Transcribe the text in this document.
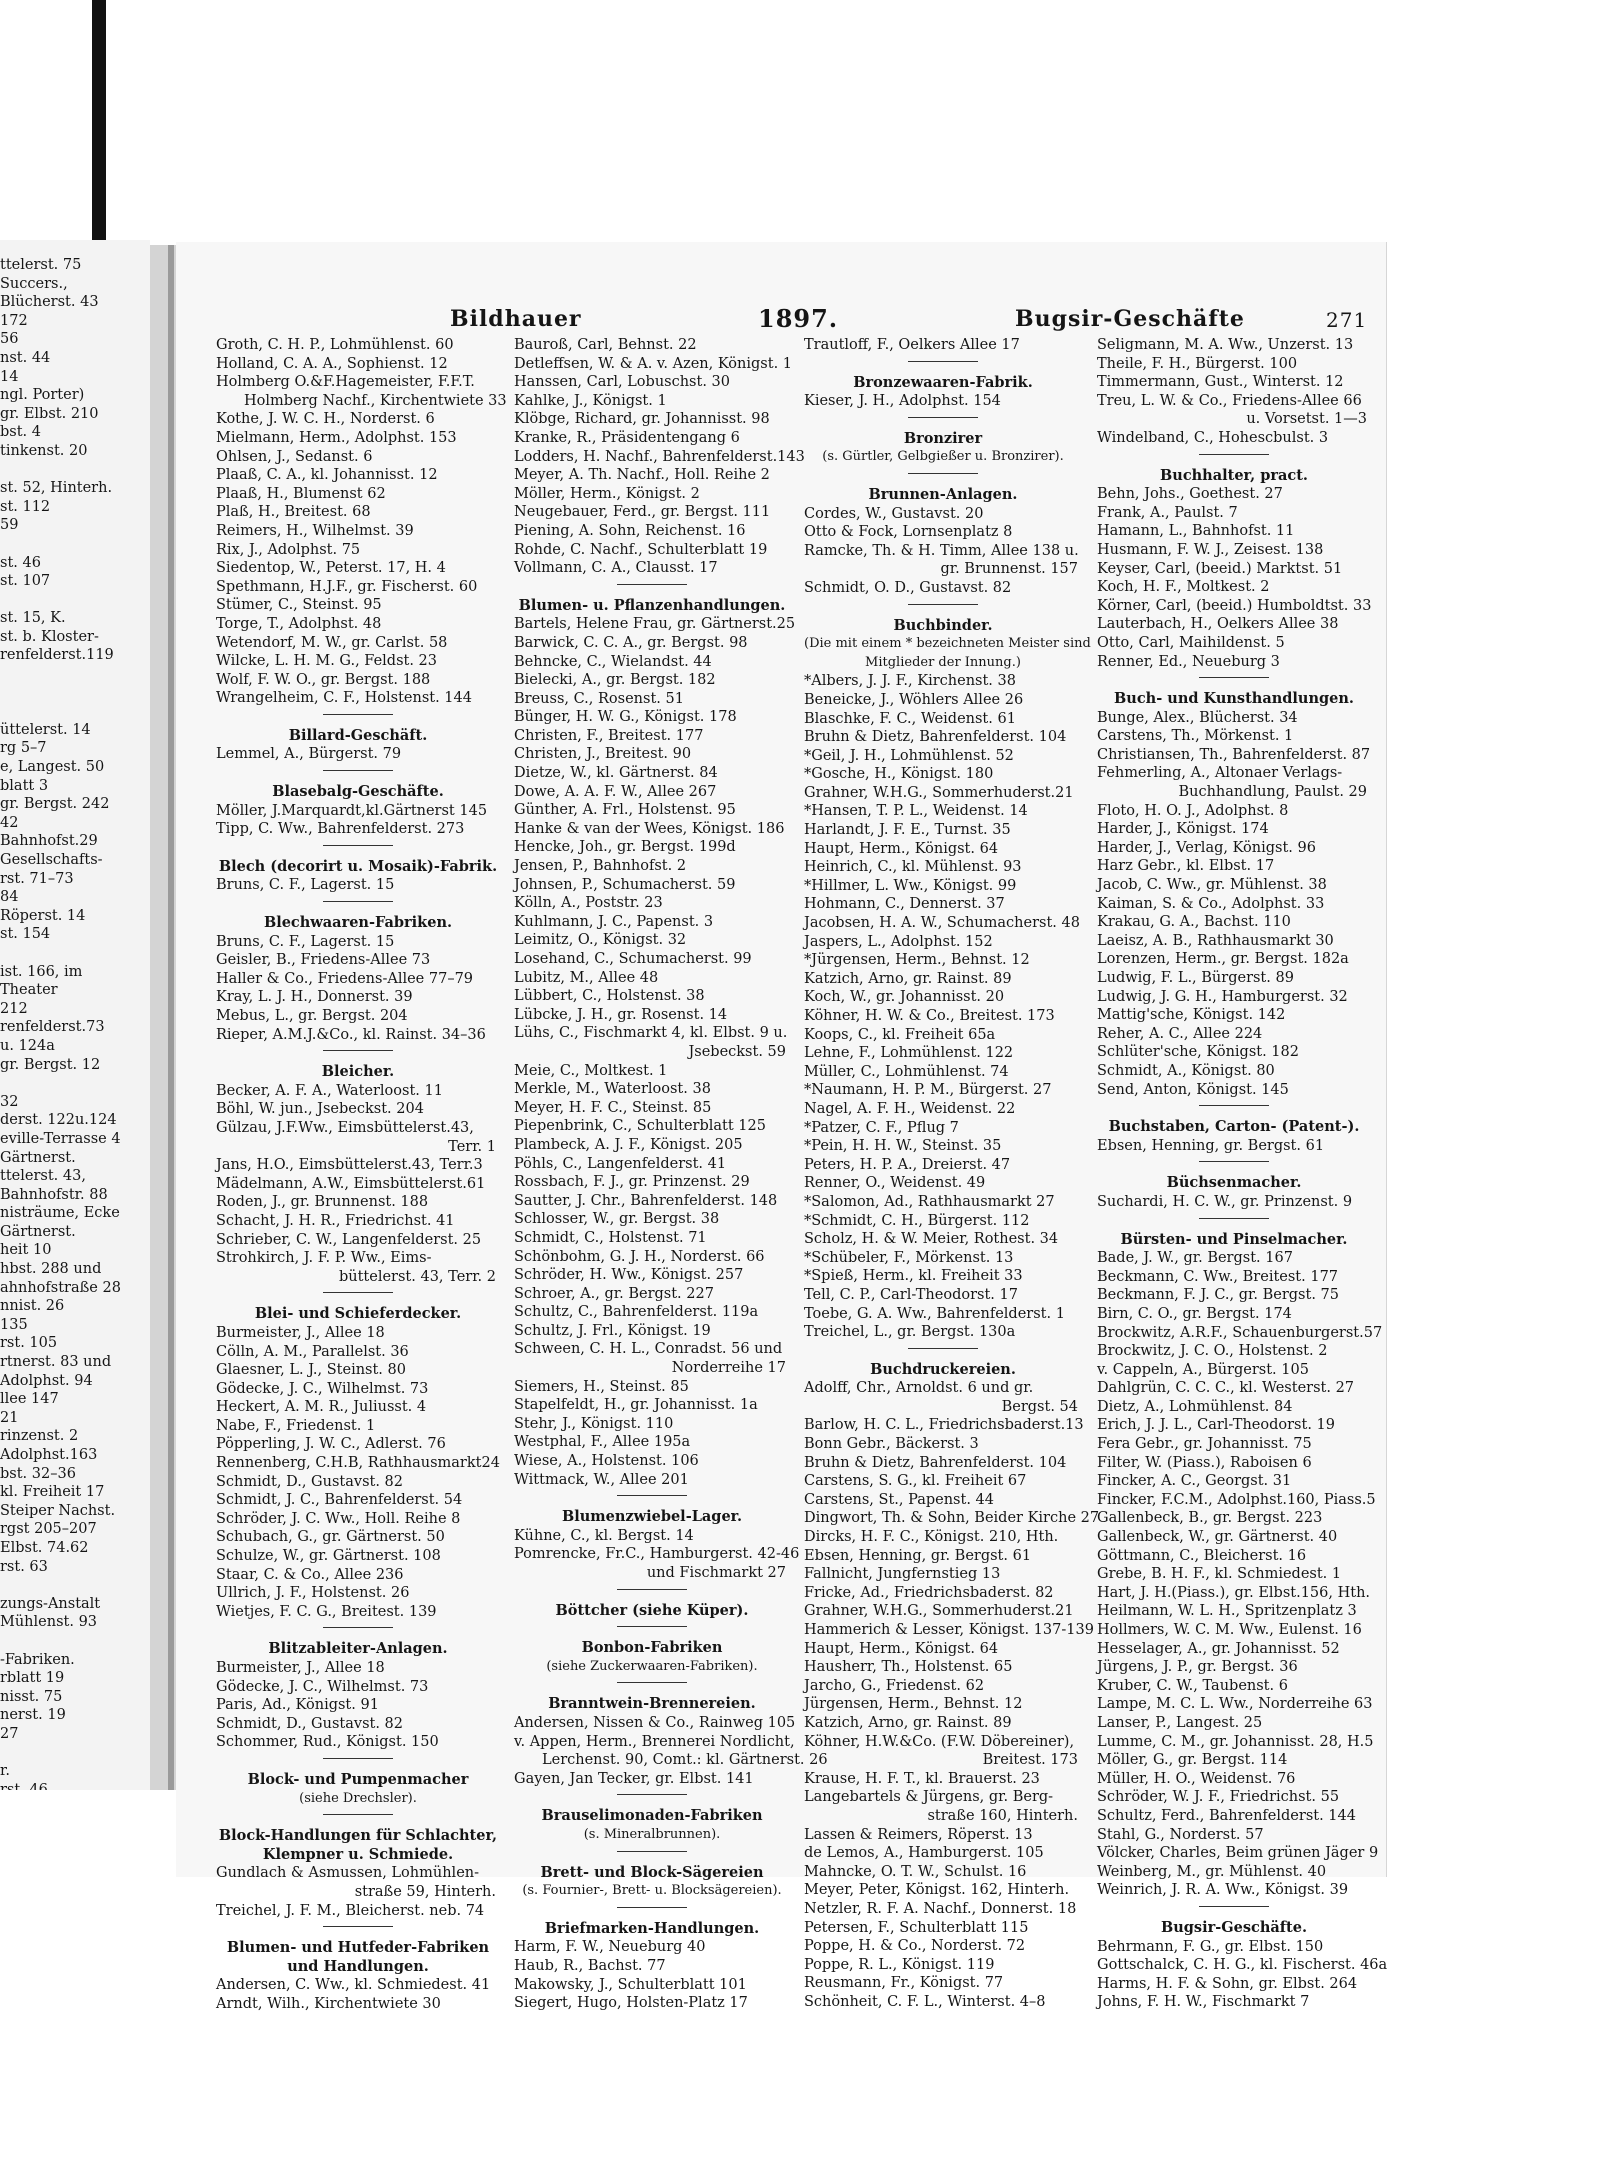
ttelerst. 75
Succers.,
Blücherst. 43
172
56
nst. 44
14
ngl. Porter)
gr. Elbst. 210
bst. 4
tinkenst. 20
st. 52, Hinterh.
st. 112
59
st. 46
st. 107
st. 15, K.
st. b. Kloster-
renfelderst.119
üttelerst. 14
rg 5–7
e, Langest. 50
blatt 3
gr. Bergst. 242
42
Bahnhofst.29
Gesellschafts-
rst. 71–73
84
Röperst. 14
st. 154
ist. 166, im
Theater
212
renfelderst.73
u. 124a
gr. Bergst. 12
32
derst. 122u.124
eville-Terrasse 4
Gärtnerst.
ttelerst. 43,
Bahnhofstr. 88
nisträume, Ecke
Gärtnerst.
heit 10
hbst. 288 und
ahnhofstraße 28
nnist. 26
135
rst. 105
rtnerst. 83 und
Adolphst. 94
llee 147
21
rinzenst. 2
Adolphst.163
bst. 32–36
kl. Freiheit 17
Steiper Nachst.
rgst 205–207
Elbst. 74.62
rst. 63
zungs-Anstalt
Mühlenst. 93
-Fabriken.
rblatt 19
nisst. 75
nerst. 19
27
r.
Bildhauer	1897.	Bugsir-Geschäfte	271
Groth, C. H. P., Lohmühlenst. 60
Holland, C. A. A., Sophienst. 12
Holmberg O.&F.Hagemeister, F.F.T.
Holmberg Nachf., Kirchentwiete 33
Kothe, J. W. C. H., Norderst. 6
Mielmann, Herm., Adolphst. 153
Ohlsen, J., Sedanst. 6
Plaaß, C. A., kl. Johannisst. 12
Plaaß, H., Blumenst 62
Plaß, H., Breitest. 68
Reimers, H., Wilhelmst. 39
Rix, J., Adolphst. 75
Siedentop, W., Peterst. 17, H. 4
Spethmann, H.J.F., gr. Fischerst. 60
Stümer, C., Steinst. 95
Torge, T., Adolphst. 48
Wetendorf, M. W., gr. Carlst. 58
Wilcke, L. H. M. G., Feldst. 23
Wolf, F. W. O., gr. Bergst. 188
Wrangelheim, C. F., Holstenst. 144
Billard-Geschäft.
Lemmel, A., Bürgerst. 79
Blasebalg-Geschäfte.
Möller, J.Marquardt,kl.Gärtnerst 145
Tipp, C. Ww., Bahrenfelderst. 273
Blech (decorirt u. Mosaik)-Fabrik.
Bruns, C. F., Lagerst. 15
Blechwaaren-Fabriken.
Bruns, C. F., Lagerst. 15
Geisler, B., Friedens-Allee 73
Haller & Co., Friedens-Allee 77–79
Kray, L. J. H., Donnerst. 39
Mebus, L., gr. Bergst. 204
Rieper, A.M.J.&Co., kl. Rainst. 34–36
Bleicher.
Becker, A. F. A., Waterloost. 11
Böhl, W. jun., Jsebeckst. 204
Gülzau, J.F.Ww., Eimsbüttelerst.43,
Terr. 1
Jans, H.O., Eimsbüttelerst.43, Terr.3
Mädelmann, A.W., Eimsbüttelerst.61
Roden, J., gr. Brunnenst. 188
Schacht, J. H. R., Friedrichst. 41
Schrieber, C. W., Langenfelderst. 25
Strohkirch, J. F. P. Ww., Eims-
büttelerst. 43, Terr. 2
Blei- und Schieferdecker.
Burmeister, J., Allee 18
Cölln, A. M., Parallelst. 36
Glaesner, L. J., Steinst. 80
Gödecke, J. C., Wilhelmst. 73
Heckert, A. M. R., Juliusst. 4
Nabe, F., Friedenst. 1
Pöpperling, J. W. C., Adlerst. 76
Rennenberg, C.H.B, Rathhausmarkt24
Schmidt, D., Gustavst. 82
Schmidt, J. C., Bahrenfelderst. 54
Schröder, J. C. Ww., Holl. Reihe 8
Schubach, G., gr. Gärtnerst. 50
Schulze, W., gr. Gärtnerst. 108
Staar, C. & Co., Allee 236
Ullrich, J. F., Holstenst. 26
Wietjes, F. C. G., Breitest. 139
Blitzableiter-Anlagen.
Burmeister, J., Allee 18
Gödecke, J. C., Wilhelmst. 73
Paris, Ad., Königst. 91
Schmidt, D., Gustavst. 82
Schommer, Rud., Königst. 150
Block- und Pumpenmacher
(siehe Drechsler).
Block-Handlungen für Schlachter,
Klempner u. Schmiede.
Gundlach & Asmussen, Lohmühlen-
straße 59, Hinterh.
Treichel, J. F. M., Bleicherst. neb. 74
Blumen- und Hutfeder-Fabriken
und Handlungen.
Andersen, C. Ww., kl. Schmiedest. 41
Arndt, Wilh., Kirchentwiete 30
Bauroß, Carl, Behnst. 22
Detleffsen, W. & A. v. Azen, Königst. 1
Hanssen, Carl, Lobuschst. 30
Kahlke, J., Königst. 1
Klöbge, Richard, gr. Johannisst. 98
Kranke, R., Präsidentengang 6
Lodders, H. Nachf., Bahrenfelderst.143
Meyer, A. Th. Nachf., Holl. Reihe 2
Möller, Herm., Königst. 2
Neugebauer, Ferd., gr. Bergst. 111
Piening, A. Sohn, Reichenst. 16
Rohde, C. Nachf., Schulterblatt 19
Vollmann, C. A., Clausst. 17
Blumen- u. Pflanzenhandlungen.
Bartels, Helene Frau, gr. Gärtnerst.25
Barwick, C. C. A., gr. Bergst. 98
Behncke, C., Wielandst. 44
Bielecki, A., gr. Bergst. 182
Breuss, C., Rosenst. 51
Bünger, H. W. G., Königst. 178
Christen, F., Breitest. 177
Christen, J., Breitest. 90
Dietze, W., kl. Gärtnerst. 84
Dowe, A. A. F. W., Allee 267
Günther, A. Frl., Holstenst. 95
Hanke & van der Wees, Königst. 186
Hencke, Joh., gr. Bergst. 199d
Jensen, P., Bahnhofst. 2
Johnsen, P., Schumacherst. 59
Kölln, A., Poststr. 23
Kuhlmann, J. C., Papenst. 3
Leimitz, O., Königst. 32
Losehand, C., Schumacherst. 99
Lubitz, M., Allee 48
Lübbert, C., Holstenst. 38
Lübcke, J. H., gr. Rosenst. 14
Lühs, C., Fischmarkt 4, kl. Elbst. 9 u.
Jsebeckst. 59
Meie, C., Moltkest. 1
Merkle, M., Waterloost. 38
Meyer, H. F. C., Steinst. 85
Piepenbrink, C., Schulterblatt 125
Plambeck, A. J. F., Königst. 205
Pöhls, C., Langenfelderst. 41
Rossbach, F. J., gr. Prinzenst. 29
Sautter, J. Chr., Bahrenfelderst. 148
Schlosser, W., gr. Bergst. 38
Schmidt, C., Holstenst. 71
Schönbohm, G. J. H., Norderst. 66
Schröder, H. Ww., Königst. 257
Schroer, A., gr. Bergst. 227
Schultz, C., Bahrenfelderst. 119a
Schultz, J. Frl., Königst. 19
Schween, C. H. L., Conradst. 56 und
Norderreihe 17
Siemers, H., Steinst. 85
Stapelfeldt, H., gr. Johannisst. 1a
Stehr, J., Königst. 110
Westphal, F., Allee 195a
Wiese, A., Holstenst. 106
Wittmack, W., Allee 201
Blumenzwiebel-Lager.
Kühne, C., kl. Bergst. 14
Pomrencke, Fr.C., Hamburgerst. 42-46
und Fischmarkt 27
Böttcher (siehe Küper).
Bonbon-Fabriken
(siehe Zuckerwaaren-Fabriken).
Branntwein-Brennereien.
Andersen, Nissen & Co., Rainweg 105
v. Appen, Herm., Brennerei Nordlicht,
Lerchenst. 90, Comt.: kl. Gärtnerst. 26
Gayen, Jan Tecker, gr. Elbst. 141
Brauselimonaden-Fabriken
(s. Mineralbrunnen).
Brett- und Block-Sägereien
(s. Fournier-, Brett- u. Blocksägereien).
Briefmarken-Handlungen.
Harm, F. W., Neueburg 40
Haub, R., Bachst. 77
Makowsky, J., Schulterblatt 101
Siegert, Hugo, Holsten-Platz 17
Trautloff, F., Oelkers Allee 17
Bronzewaaren-Fabrik.
Kieser, J. H., Adolphst. 154
Bronzirer
(s. Gürtler, Gelbgießer u. Bronzirer).
Brunnen-Anlagen.
Cordes, W., Gustavst. 20
Otto & Fock, Lornsenplatz 8
Ramcke, Th. & H. Timm, Allee 138 u.
gr. Brunnenst. 157
Schmidt, O. D., Gustavst. 82
Buchbinder.
(Die mit einem * bezeichneten Meister sind
Mitglieder der Innung.)
*Albers, J. J. F., Kirchenst. 38
Beneicke, J., Wöhlers Allee 26
Blaschke, F. C., Weidenst. 61
Bruhn & Dietz, Bahrenfelderst. 104
*Geil, J. H., Lohmühlenst. 52
*Gosche, H., Königst. 180
Grahner, W.H.G., Sommerhuderst.21
*Hansen, T. P. L., Weidenst. 14
Harlandt, J. F. E., Turnst. 35
Haupt, Herm., Königst. 64
Heinrich, C., kl. Mühlenst. 93
*Hillmer, L. Ww., Königst. 99
Hohmann, C., Dennerst. 37
Jacobsen, H. A. W., Schumacherst. 48
Jaspers, L., Adolphst. 152
*Jürgensen, Herm., Behnst. 12
Katzich, Arno, gr. Rainst. 89
Koch, W., gr. Johannisst. 20
Köhner, H. W. & Co., Breitest. 173
Koops, C., kl. Freiheit 65a
Lehne, F., Lohmühlenst. 122
Müller, C., Lohmühlenst. 74
*Naumann, H. P. M., Bürgerst. 27
Nagel, A. F. H., Weidenst. 22
*Patzer, C. F., Pflug 7
*Pein, H. H. W., Steinst. 35
Peters, H. P. A., Dreierst. 47
Renner, O., Weidenst. 49
*Salomon, Ad., Rathhausmarkt 27
*Schmidt, C. H., Bürgerst. 112
Scholz, H. & W. Meier, Rothest. 34
*Schübeler, F., Mörkenst. 13
*Spieß, Herm., kl. Freiheit 33
Tell, C. P., Carl-Theodorst. 17
Toebe, G. A. Ww., Bahrenfelderst. 1
Treichel, L., gr. Bergst. 130a
Buchdruckereien.
Adolff, Chr., Arnoldst. 6 und gr.
Bergst. 54
Barlow, H. C. L., Friedrichsbaderst.13
Bonn Gebr., Bäckerst. 3
Bruhn & Dietz, Bahrenfelderst. 104
Carstens, S. G., kl. Freiheit 67
Carstens, St., Papenst. 44
Dingwort, Th. & Sohn, Beider Kirche 27
Dircks, H. F. C., Königst. 210, Hth.
Ebsen, Henning, gr. Bergst. 61
Fallnicht, Jungfernstieg 13
Fricke, Ad., Friedrichsbaderst. 82
Grahner, W.H.G., Sommerhuderst.21
Hammerich & Lesser, Königst. 137-139
Haupt, Herm., Königst. 64
Hausherr, Th., Holstenst. 65
Jarcho, G., Friedenst. 62
Jürgensen, Herm., Behnst. 12
Katzich, Arno, gr. Rainst. 89
Köhner, H.W.&Co. (F.W. Döbereiner),
Breitest. 173
Krause, H. F. T., kl. Brauerst. 23
Langebartels & Jürgens, gr. Berg-
straße 160, Hinterh.
Lassen & Reimers, Röperst. 13
de Lemos, A., Hamburgerst. 105
Mahncke, O. T. W., Schulst. 16
Meyer, Peter, Königst. 162, Hinterh.
Netzler, R. F. A. Nachf., Donnerst. 18
Petersen, F., Schulterblatt 115
Poppe, H. & Co., Norderst. 72
Poppe, R. L., Königst. 119
Reusmann, Fr., Königst. 77
Schönheit, C. F. L., Winterst. 4–8
Seligmann, M. A. Ww., Unzerst. 13
Theile, F. H., Bürgerst. 100
Timmermann, Gust., Winterst. 12
Treu, L. W. & Co., Friedens-Allee 66
u. Vorsetst. 1—3
Windelband, C., Hohescbulst. 3
Buchhalter, pract.
Behn, Johs., Goethest. 27
Frank, A., Paulst. 7
Hamann, L., Bahnhofst. 11
Husmann, F. W. J., Zeisest. 138
Keyser, Carl, (beeid.) Marktst. 51
Koch, H. F., Moltkest. 2
Körner, Carl, (beeid.) Humboldtst. 33
Lauterbach, H., Oelkers Allee 38
Otto, Carl, Maihildenst. 5
Renner, Ed., Neueburg 3
Buch- und Kunsthandlungen.
Bunge, Alex., Blücherst. 34
Carstens, Th., Mörkenst. 1
Christiansen, Th., Bahrenfelderst. 87
Fehmerling, A., Altonaer Verlags-
Buchhandlung, Paulst. 29
Floto, H. O. J., Adolphst. 8
Harder, J., Königst. 174
Harder, J., Verlag, Königst. 96
Harz Gebr., kl. Elbst. 17
Jacob, C. Ww., gr. Mühlenst. 38
Kaiman, S. & Co., Adolphst. 33
Krakau, G. A., Bachst. 110
Laeisz, A. B., Rathhausmarkt 30
Lorenzen, Herm., gr. Bergst. 182a
Ludwig, F. L., Bürgerst. 89
Ludwig, J. G. H., Hamburgerst. 32
Mattig'sche, Königst. 142
Reher, A. C., Allee 224
Schlüter'sche, Königst. 182
Schmidt, A., Königst. 80
Send, Anton, Königst. 145
Buchstaben, Carton- (Patent-).
Ebsen, Henning, gr. Bergst. 61
Büchsenmacher.
Suchardi, H. C. W., gr. Prinzenst. 9
Bürsten- und Pinselmacher.
Bade, J. W., gr. Bergst. 167
Beckmann, C. Ww., Breitest. 177
Beckmann, F. J. C., gr. Bergst. 75
Birn, C. O., gr. Bergst. 174
Brockwitz, A.R.F., Schauenburgerst.57
Brockwitz, J. C. O., Holstenst. 2
v. Cappeln, A., Bürgerst. 105
Dahlgrün, C. C. C., kl. Westerst. 27
Dietz, A., Lohmühlenst. 84
Erich, J. J. L., Carl-Theodorst. 19
Fera Gebr., gr. Johannisst. 75
Filter, W. (Piass.), Raboisen 6
Fincker, A. C., Georgst. 31
Fincker, F.C.M., Adolphst.160, Piass.5
Gallenbeck, B., gr. Bergst. 223
Gallenbeck, W., gr. Gärtnerst. 40
Göttmann, C., Bleicherst. 16
Grebe, B. H. F., kl. Schmiedest. 1
Hart, J. H.(Piass.), gr. Elbst.156, Hth.
Heilmann, W. L. H., Spritzenplatz 3
Hollmers, W. C. M. Ww., Eulenst. 16
Hesselager, A., gr. Johannisst. 52
Jürgens, J. P., gr. Bergst. 36
Kruber, C. W., Taubenst. 6
Lampe, M. C. L. Ww., Norderreihe 63
Lanser, P., Langest. 25
Lumme, C. M., gr. Johannisst. 28, H.5
Möller, G., gr. Bergst. 114
Müller, H. O., Weidenst. 76
Schröder, W. J. F., Friedrichst. 55
Schultz, Ferd., Bahrenfelderst. 144
Stahl, G., Norderst. 57
Völcker, Charles, Beim grünen Jäger 9
Weinberg, M., gr. Mühlenst. 40
Weinrich, J. R. A. Ww., Königst. 39
Bugsir-Geschäfte.
Behrmann, F. G., gr. Elbst. 150
Gottschalck, C. H. G., kl. Fischerst. 46a
Harms, H. F. & Sohn, gr. Elbst. 264
Johns, F. H. W., Fischmarkt 7
